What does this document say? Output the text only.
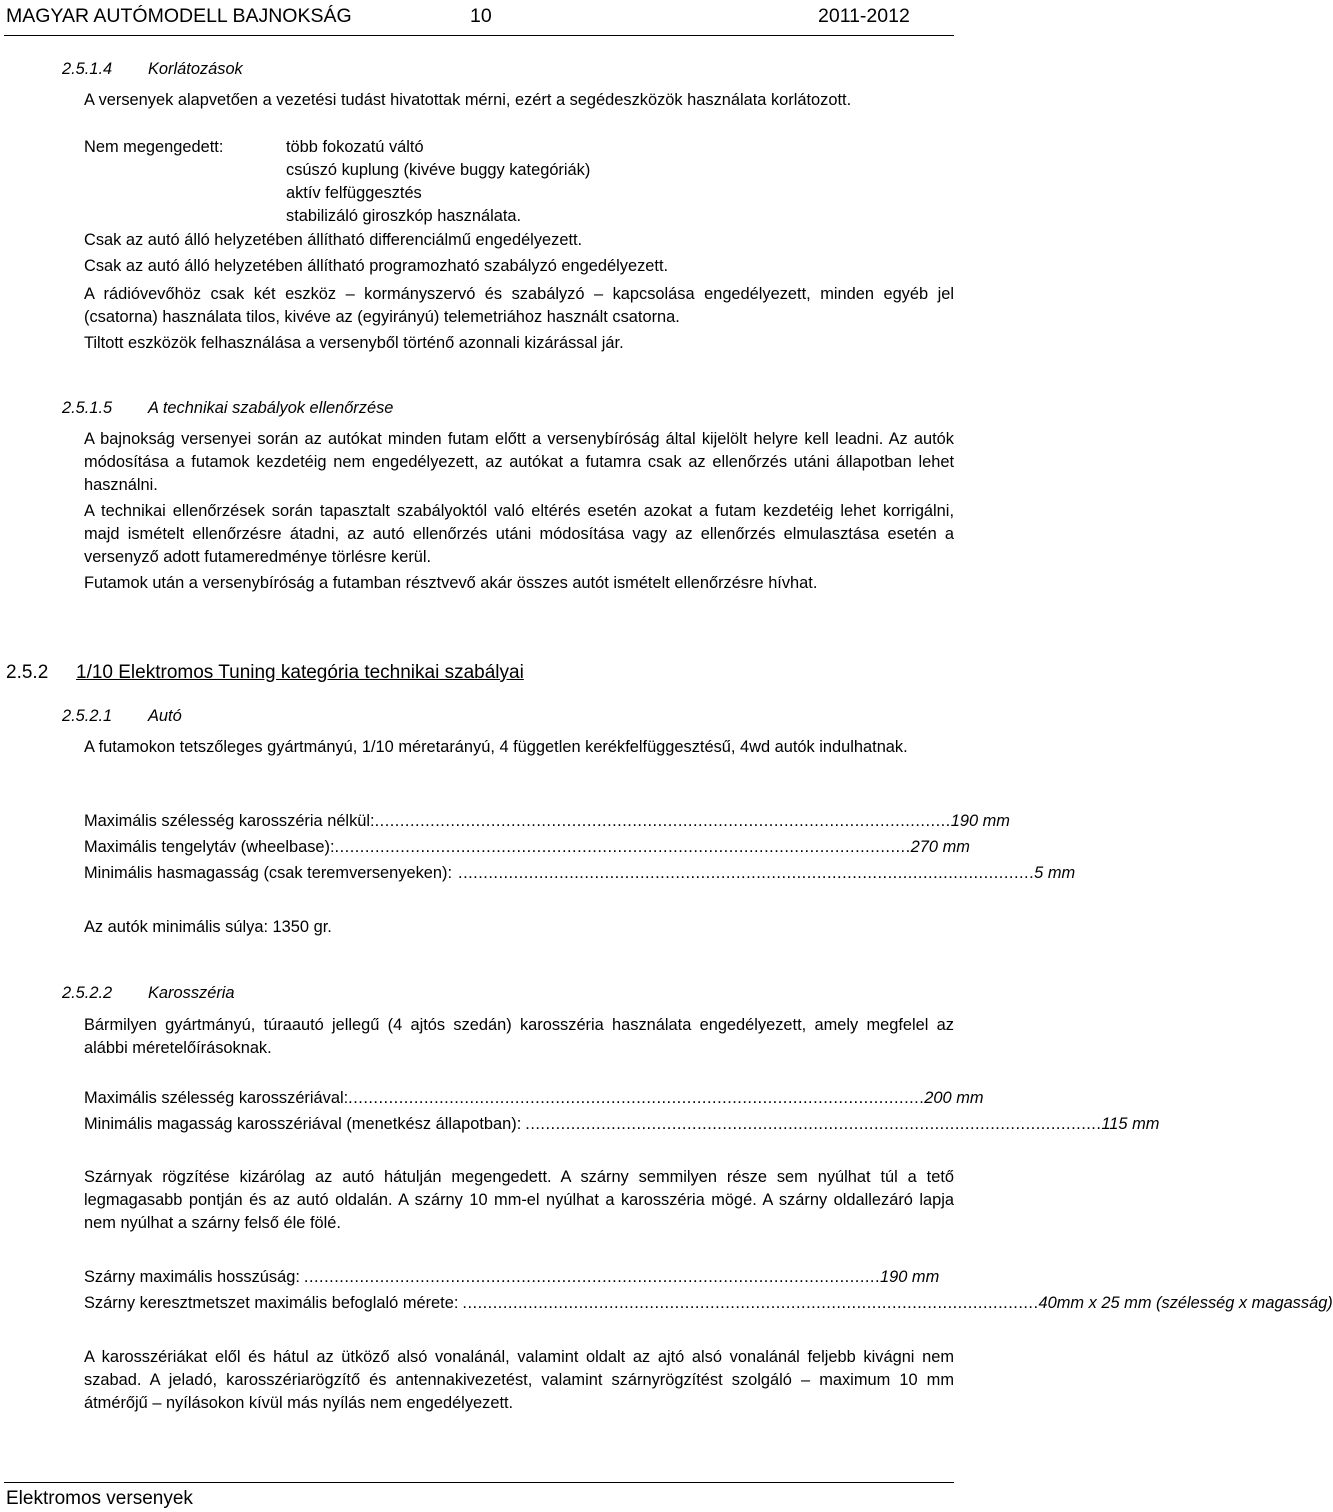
MAGYAR AUTÓMODELL BAJNOKSÁG	10	2011-2012
2.5.1.4 Korlátozások
A versenyek alapvetően a vezetési tudást hivatottak mérni, ezért a segédeszközök használata korlátozott.
Nem megengedett:	több fokozatú váltó
csúszó kuplung (kivéve buggy kategóriák)
aktív felfüggesztés
stabilizáló giroszkóp használata.
Csak az autó álló helyzetében állítható differenciálmű engedélyezett.
Csak az autó álló helyzetében állítható programozható szabályzó engedélyezett.
A rádióvevőhöz csak két eszköz – kormányszervó és szabályzó – kapcsolása engedélyezett, minden egyéb jel (csatorna) használata tilos, kivéve az (egyirányú) telemetriához használt csatorna.
Tiltott eszközök felhasználása a versenyből történő azonnali kizárással jár.
2.5.1.5 A technikai szabályok ellenőrzése
A bajnokság versenyei során az autókat minden futam előtt a versenybíróság által kijelölt helyre kell leadni. Az autók módosítása a futamok kezdetéig nem engedélyezett, az autókat a futamra csak az ellenőrzés utáni állapotban lehet használni.
A technikai ellenőrzések során tapasztalt szabályoktól való eltérés esetén azokat a futam kezdetéig lehet korrigálni, majd ismételt ellenőrzésre átadni, az autó ellenőrzés utáni módosítása vagy az ellenőrzés elmulasztása esetén a versenyző adott futameredménye törlésre kerül.
Futamok után a versenybíróság a futamban résztvevő akár összes autót ismételt ellenőrzésre hívhat.
2.5.2 1/10 Elektromos Tuning kategória technikai szabályai
2.5.2.1 Autó
A futamokon tetszőleges gyártmányú, 1/10 méretarányú, 4 független kerékfelfüggesztésű, 4wd autók indulhatnak.
Maximális szélesség karosszéria nélkül: .................................................................................................................. 190 mm
Maximális tengelytáv (wheelbase): .................................................................................................................. 270 mm
Minimális hasmagasság (csak teremversenyeken): .................................................................................................................. 5 mm
Az autók minimális súlya: 1350 gr.
2.5.2.2 Karosszéria
Bármilyen gyártmányú, túraautó jellegű (4 ajtós szedán) karosszéria használata engedélyezett, amely megfelel az alábbi méretelőírásoknak.
Maximális szélesség karosszériával: .................................................................................................................. 200 mm
Minimális magasság karosszériával (menetkész állapotban): .................................................................................................................. 115 mm
Szárnyak rögzítése kizárólag az autó hátulján megengedett. A szárny semmilyen része sem nyúlhat túl a tető legmagasabb pontján és az autó oldalán. A szárny 10 mm-el nyúlhat a karosszéria mögé. A szárny oldallezáró lapja nem nyúlhat a szárny felső éle fölé.
Szárny maximális hosszúság: .................................................................................................................. 190 mm
Szárny keresztmetszet maximális befoglaló mérete: .................................................................................................................. 40mm x 25 mm (szélesség x magasság)
A karosszériákat elől és hátul az ütköző alsó vonalánál, valamint oldalt az ajtó alsó vonalánál feljebb kivágni nem szabad. A jeladó, karosszériarögzítő és antennakivezetést, valamint szárnyrögzítést szolgáló – maximum 10 mm átmérőjű – nyílásokon kívül más nyílás nem engedélyezett.
Elektromos versenyek
